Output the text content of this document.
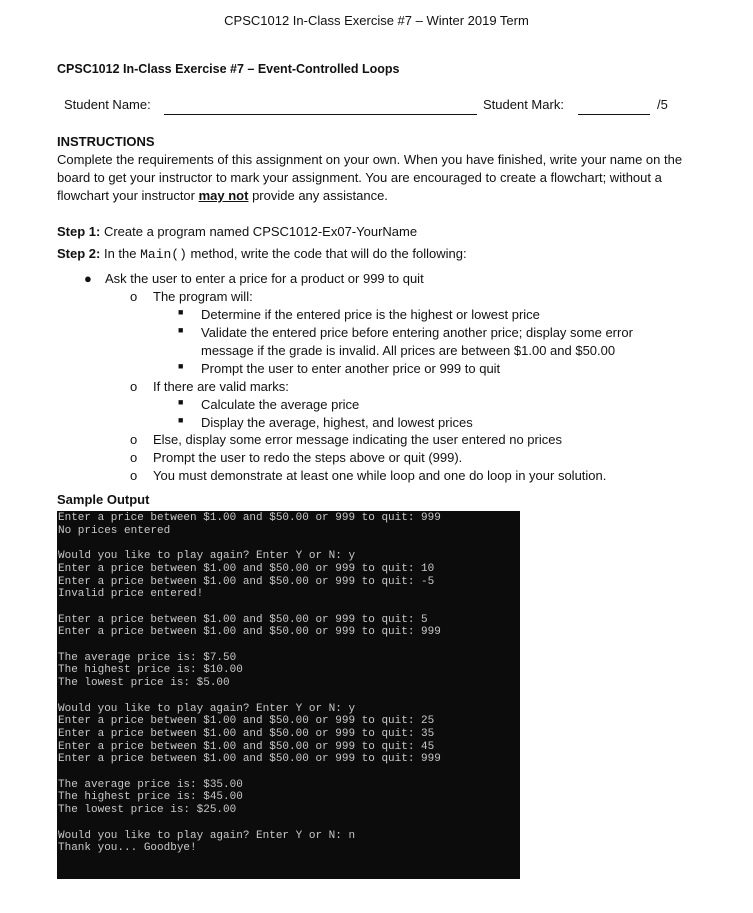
CPSC1012 In-Class Exercise #7 – Winter 2019 Term
CPSC1012 In-Class Exercise #7 – Event-Controlled Loops
Student Name:	Student Mark:	/5
INSTRUCTIONS
Complete the requirements of this assignment on your own. When you have finished, write your name on the board to get your instructor to mark your assignment. You are encouraged to create a flowchart; without a flowchart your instructor may not provide any assistance.
Step 1: Create a program named CPSC1012-Ex07-YourName
Step 2: In the Main() method, write the code that will do the following:
● Ask the user to enter a price for a product or 999 to quit
o The program will:
■ Determine if the entered price is the highest or lowest price
■ Validate the entered price before entering another price; display some error
message if the grade is invalid. All prices are between $1.00 and $50.00
■ Prompt the user to enter another price or 999 to quit
o If there are valid marks:
■ Calculate the average price
■ Display the average, highest, and lowest prices
o Else, display some error message indicating the user entered no prices
o Prompt the user to redo the steps above or quit (999).
o You must demonstrate at least one while loop and one do loop in your solution.
Sample Output
Enter a price between $1.00 and $50.00 or 999 to quit: 999
No prices entered

Would you like to play again? Enter Y or N: y
Enter a price between $1.00 and $50.00 or 999 to quit: 10
Enter a price between $1.00 and $50.00 or 999 to quit: -5
Invalid price entered!

Enter a price between $1.00 and $50.00 or 999 to quit: 5
Enter a price between $1.00 and $50.00 or 999 to quit: 999

The average price is: $7.50
The highest price is: $10.00
The lowest price is: $5.00

Would you like to play again? Enter Y or N: y
Enter a price between $1.00 and $50.00 or 999 to quit: 25
Enter a price between $1.00 and $50.00 or 999 to quit: 35
Enter a price between $1.00 and $50.00 or 999 to quit: 45
Enter a price between $1.00 and $50.00 or 999 to quit: 999

The average price is: $35.00
The highest price is: $45.00
The lowest price is: $25.00

Would you like to play again? Enter Y or N: n
Thank you... Goodbye!
